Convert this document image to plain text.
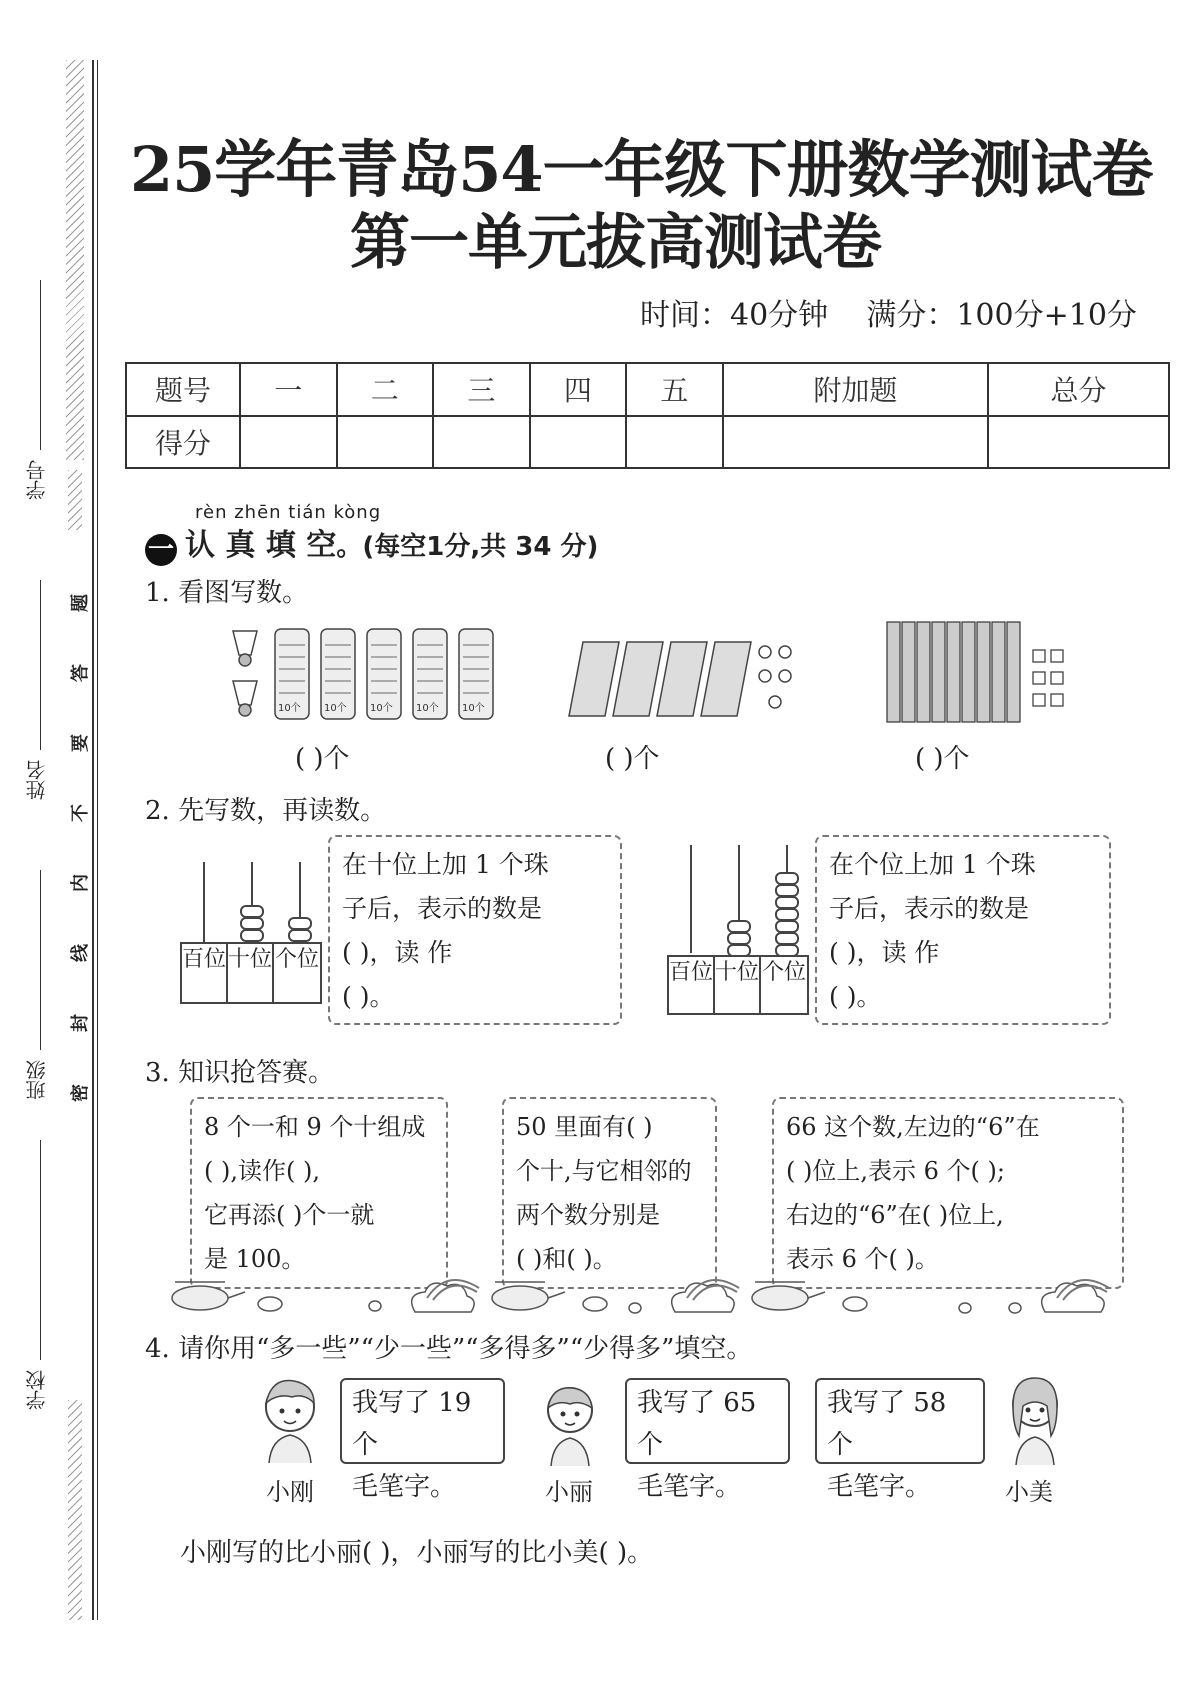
学号
姓名
班级
学校
题
答
要
不
内
线
封
密
25学年青岛54一年级下册数学测试卷
第一单元拔高测试卷
时间：40分钟 满分：100分+10分
题号	一	二	三	四	五	附加题	总分
得分							
rèn zhēn tián kòng
一 认 真 填 空。(每空1分,共 34 分)
1. 看图写数。
10个 10个 10个 10个 10个
( )个	( )个	( )个
2. 先写数，再读数。
百位 十位 个位
在十位上加 1 个珠
子后，表示的数是
( )，读 作
( )。
百位 十位 个位
在个位上加 1 个珠
子后，表示的数是
( )，读 作
( )。
3. 知识抢答赛。
8 个一和 9 个十组成
( ),读作( ),
它再添( )个一就
是 100。
50 里面有( )
个十,与它相邻的
两个数分别是
( )和( )。
66 这个数,左边的“6”在
( )位上,表示 6 个( );
右边的“6”在( )位上,
表示 6 个( )。
4. 请你用“多一些”“少一些”“多得多”“少得多”填空。
我写了 19 个
毛笔字。
小刚
我写了 65 个
毛笔字。
小丽
我写了 58 个
毛笔字。	小美
小刚写的比小丽( )，小丽写的比小美( )。
